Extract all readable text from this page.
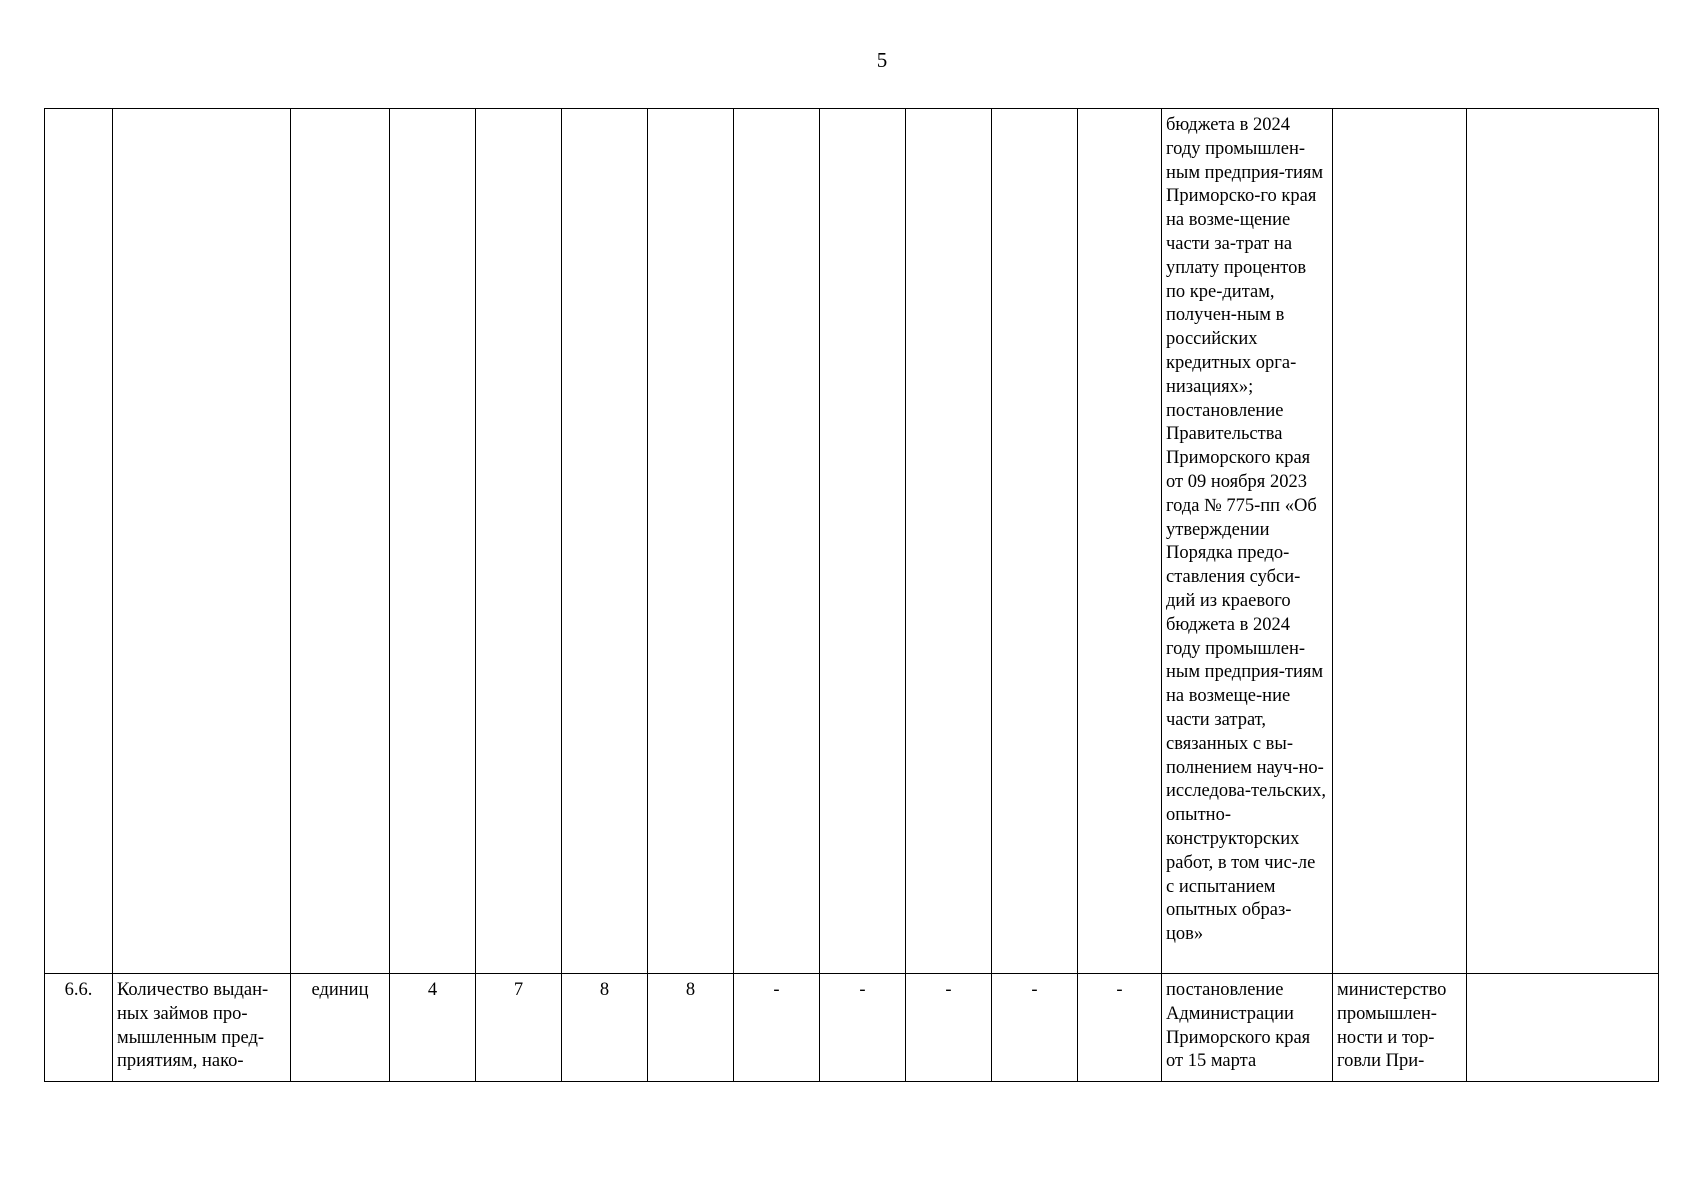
5
												бюджета в 2024 году промышлен-ным предприя-тиям Приморско-го края на возме-щение части за-трат на уплату процентов по кре-дитам, получен-ным в российских кредитных орга-низациях»; постановление Правительства Приморского края от 09 ноября 2023 года № 775-пп «Об утверждении Порядка предо-ставления субси-дий из краевого бюджета в 2024 году промышлен-ным предприя-тиям на возмеще-ние части затрат, связанных с вы-полнением науч-но-исследова-тельских, опытно-конструкторских работ, в том чис-ле с испытанием опытных образ-цов»		
6.6.	Количество выдан-ных займов про-мышленным пред-приятиям, нако-	единиц	4	7	8	8	-	-	-	-	-	постановление Администрации Приморского края от 15 марта	министерство промышлен-ности и тор-говли При-	
